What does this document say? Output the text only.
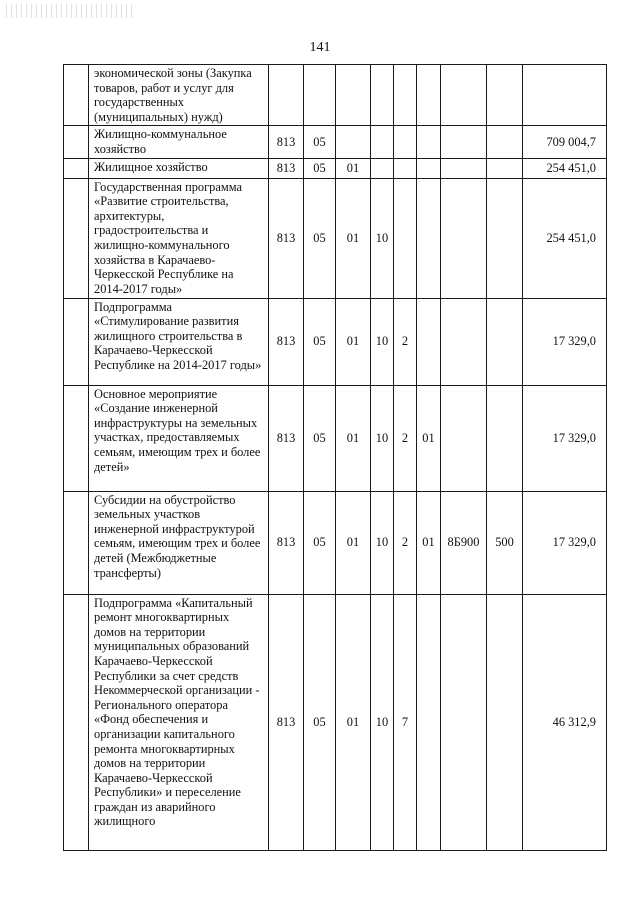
141
	экономической зоны (Закупка товаров, работ и услуг для государственных (муниципальных) нужд)									
	Жилищно-коммунальное хозяйство	813	05							709 004,7
	Жилищное хозяйство	813	05	01						254 451,0
	Государственная программа «Развитие строительства, архитектуры, градостроительства и жилищно-коммунального хозяйства в Карачаево-Черкесской Республике на 2014-2017 годы»	813	05	01	10					254 451,0
	Подпрограмма «Стимулирование развития жилищного строительства в Карачаево-Черкесской Республике на 2014-2017 годы»	813	05	01	10	2				17 329,0
	Основное мероприятие «Создание инженерной инфраструктуры на земельных участках, предоставляемых семьям, имеющим трех и более детей»	813	05	01	10	2	01			17 329,0
	Субсидии на обустройство земельных участков инженерной инфраструктурой семьям, имеющим трех и более детей (Межбюджетные трансферты)	813	05	01	10	2	01	8Б900	500	17 329,0
	Подпрограмма «Капитальный ремонт многоквартирных домов на территории муниципальных образований Карачаево-Черкесской Республики за счет средств Некоммерческой организации - Регионального оператора «Фонд обеспечения и организации капитального ремонта многоквартирных домов на территории Карачаево-Черкесской Республики» и переселение граждан из аварийного жилищного	813	05	01	10	7				46 312,9
